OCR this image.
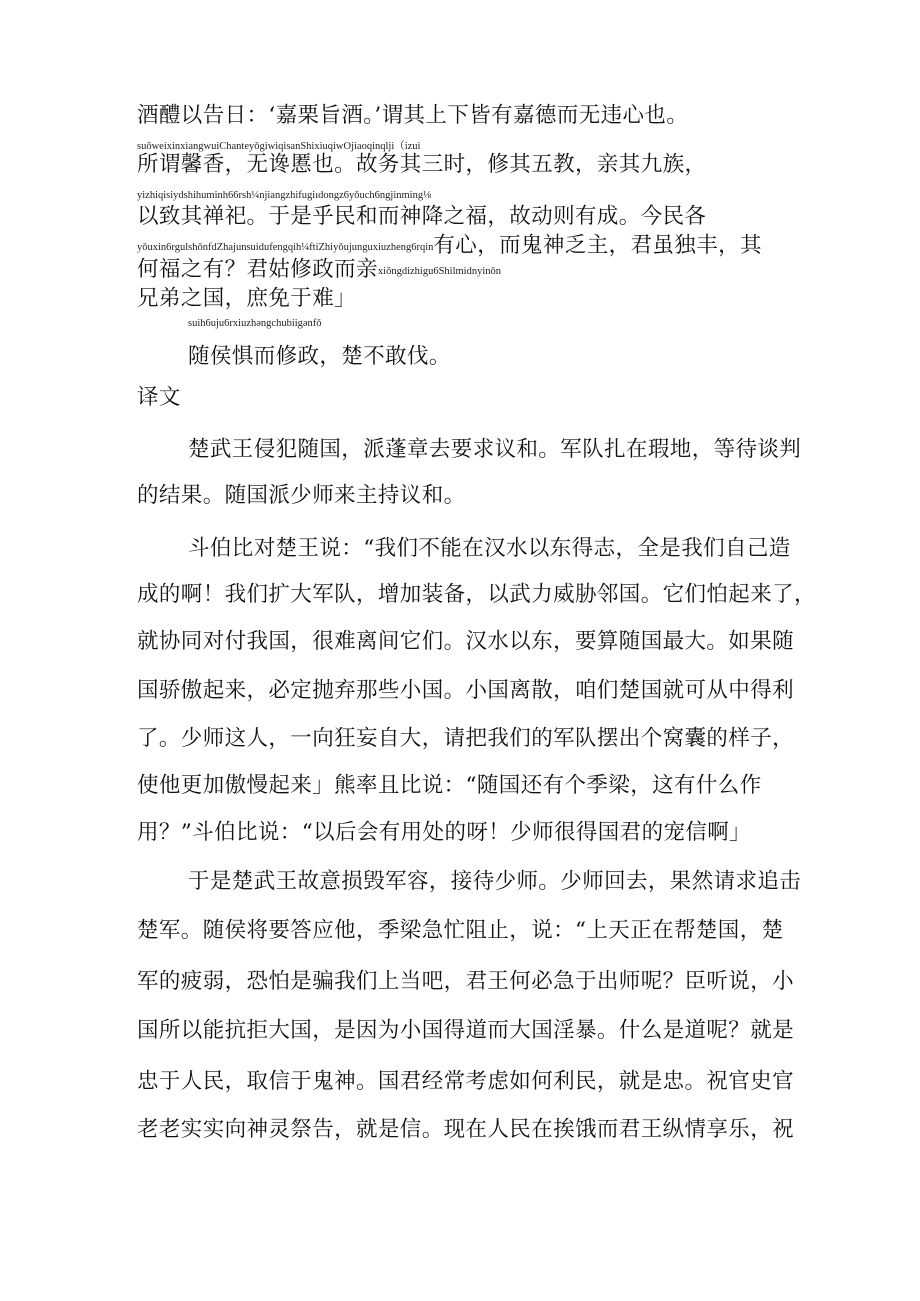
酒醴以告日：‘嘉栗旨酒。’谓其上下皆有嘉德而无违心也。
suǒweixinxiangwuiChanteyǒgiwiqisanShixiuqiwOjiaoqinqlji（izui
所谓馨香，无谗慝也。故务其三时，修其五教，亲其九族，
yizhiqisiydshihuminh66rsh¼njiangzhifugiıdongz6yǒuch6ngjinming⅛
以致其禅祀。于是乎民和而神降之福，故动则有成。今民各
yǒuxin6rgulshǒnfdZhajunsuidufengqih¼ftiZhiyǒujunguxiuzheng6rqin有心，而鬼神乏主，君虽独丰，其
何福之有？君姑修政而亲xiǒngdizhigu6Shilmidnyinǒn
兄弟之国，庶免于难」
suih6uju6rxiuzhǝngchubiigǝnfǒ
随侯惧而修政，楚不敢伐。
译文
楚武王侵犯随国，派蓬章去要求议和。军队扎在瑕地，等待谈判
的结果。随国派少师来主持议和。
斗伯比对楚王说：“我们不能在汉水以东得志，全是我们自己造
成的啊！我们扩大军队，增加装备，以武力威胁邻国。它们怕起来了，
就协同对付我国，很难离间它们。汉水以东，要算随国最大。如果随
国骄傲起来，必定抛弃那些小国。小国离散，咱们楚国就可从中得利
了。少师这人，一向狂妄自大，请把我们的军队摆出个窝囊的样子，
使他更加傲慢起来」熊率且比说：“随国还有个季梁，这有什么作
用？”斗伯比说：“以后会有用处的呀！少师很得国君的宠信啊」
于是楚武王故意损毁军容，接待少师。少师回去，果然请求追击
楚军。随侯将要答应他，季梁急忙阻止，说：“上天正在帮楚国，楚
军的疲弱，恐怕是骗我们上当吧，君王何必急于出师呢？臣听说，小
国所以能抗拒大国，是因为小国得道而大国淫暴。什么是道呢？就是
忠于人民，取信于鬼神。国君经常考虑如何利民，就是忠。祝官史官
老老实实向神灵祭告，就是信。现在人民在挨饿而君王纵情享乐，祝
